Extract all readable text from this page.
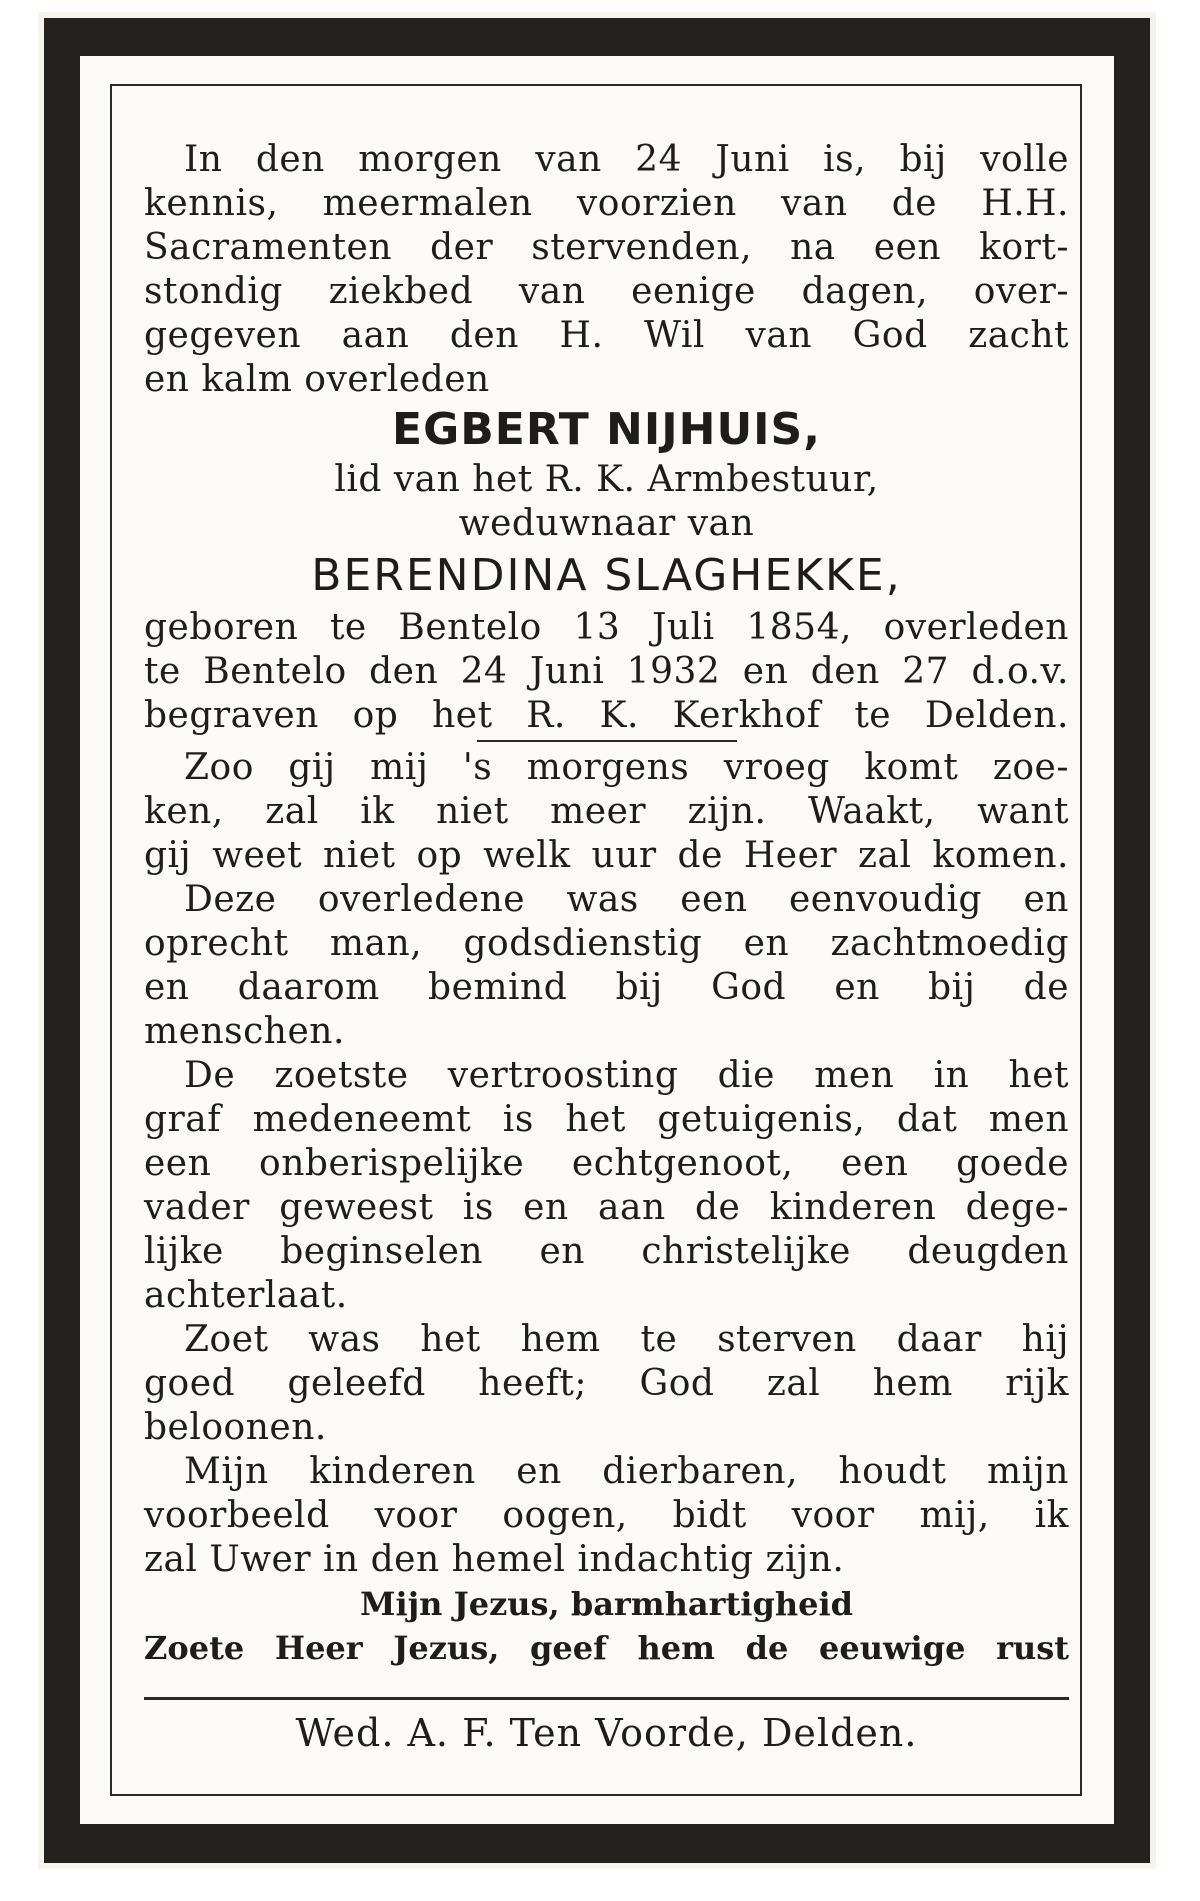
In den morgen van 24 Juni is, bij volle
kennis, meermalen voorzien van de H.H.
Sacramenten der stervenden, na een kort-
stondig ziekbed van eenige dagen, over-
gegeven aan den H. Wil van God zacht
en kalm overleden
EGBERT NIJHUIS,
lid van het R. K. Armbestuur,
weduwnaar van
BERENDINA SLAGHEKKE,
geboren te Bentelo 13 Juli 1854, overleden
te Bentelo den 24 Juni 1932 en den 27 d.o.v.
begraven op het R. K. Kerkhof te Delden.
Zoo gij mij 's morgens vroeg komt zoe-
ken, zal ik niet meer zijn. Waakt, want
gij weet niet op welk uur de Heer zal komen.
Deze overledene was een eenvoudig en
oprecht man, godsdienstig en zachtmoedig
en daarom bemind bij God en bij de
menschen.
De zoetste vertroosting die men in het
graf medeneemt is het getuigenis, dat men
een onberispelijke echtgenoot, een goede
vader geweest is en aan de kinderen dege-
lijke beginselen en christelijke deugden
achterlaat.
Zoet was het hem te sterven daar hij
goed geleefd heeft; God zal hem rijk
beloonen.
Mijn kinderen en dierbaren, houdt mijn
voorbeeld voor oogen, bidt voor mij, ik
zal Uwer in den hemel indachtig zijn.
Mijn Jezus, barmhartigheid
Zoete Heer Jezus, geef hem de eeuwige rust
Wed. A. F. Ten Voorde, Delden.
